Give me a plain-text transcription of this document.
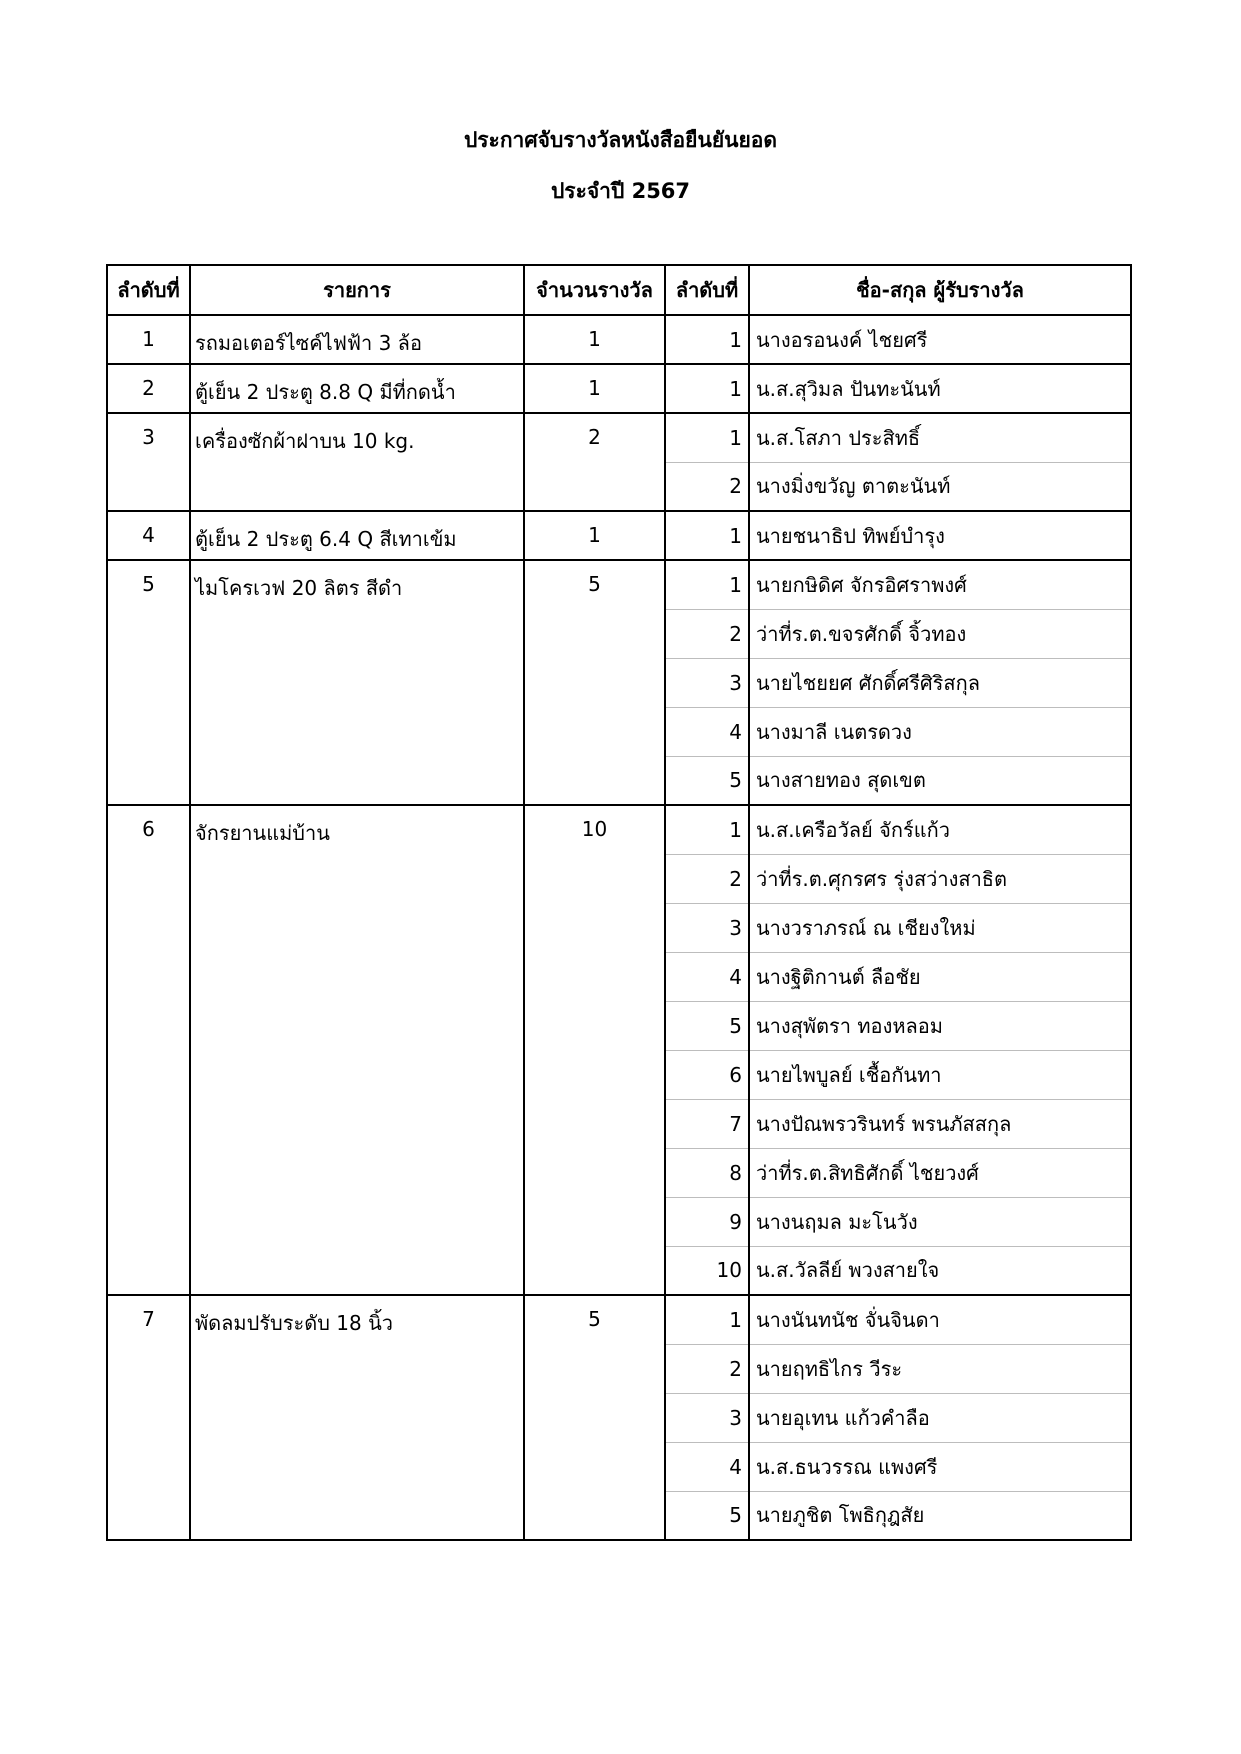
ประกาศจับรางวัลหนังสือยืนยันยอด
ประจำปี 2567
ลำดับที่	รายการ	จำนวนรางวัล	ลำดับที่	ชื่อ-สกุล ผู้รับรางวัล
1	รถมอเตอร์ไซค์ไฟฟ้า 3 ล้อ	1	1	นางอรอนงค์ ไชยศรี
2	ตู้เย็น 2 ประตู 8.8 Q มีที่กดน้ำ	1	1	น.ส.สุวิมล ปันทะนันท์
3	เครื่องซักผ้าฝาบน 10 kg.	2	1	น.ส.โสภา ประสิทธิ์
			2	นางมิ่งขวัญ ตาตะนันท์
4	ตู้เย็น 2 ประตู 6.4 Q สีเทาเข้ม	1	1	นายชนาธิป ทิพย์บำรุง
5	ไมโครเวฟ 20 ลิตร สีดำ	5	1	นายกษิดิศ จักรอิศราพงศ์
			2	ว่าที่ร.ต.ขจรศักดิ์ จิ้วทอง
			3	นายไชยยศ ศักดิ์ศรีศิริสกุล
			4	นางมาลี เนตรดวง
			5	นางสายทอง สุดเขต
6	จักรยานแม่บ้าน	10	1	น.ส.เครือวัลย์ จักร์แก้ว
			2	ว่าที่ร.ต.ศุกรศร รุ่งสว่างสาธิต
			3	นางวราภรณ์ ณ เชียงใหม่
			4	นางฐิติกานต์ ลือชัย
			5	นางสุพัตรา ทองหลอม
			6	นายไพบูลย์ เชื้อกันทา
			7	นางปัณพรวรินทร์ พรนภัสสกุล
			8	ว่าที่ร.ต.สิทธิศักดิ์ ไชยวงศ์
			9	นางนฤมล มะโนวัง
			10	น.ส.วัลลีย์ พวงสายใจ
7	พัดลมปรับระดับ 18 นิ้ว	5	1	นางนันทนัช จั่นจินดา
			2	นายฤทธิไกร วีระ
			3	นายอุเทน แก้วคำลือ
			4	น.ส.ธนวรรณ แพงศรี
			5	นายภูชิต โพธิกุฎสัย
